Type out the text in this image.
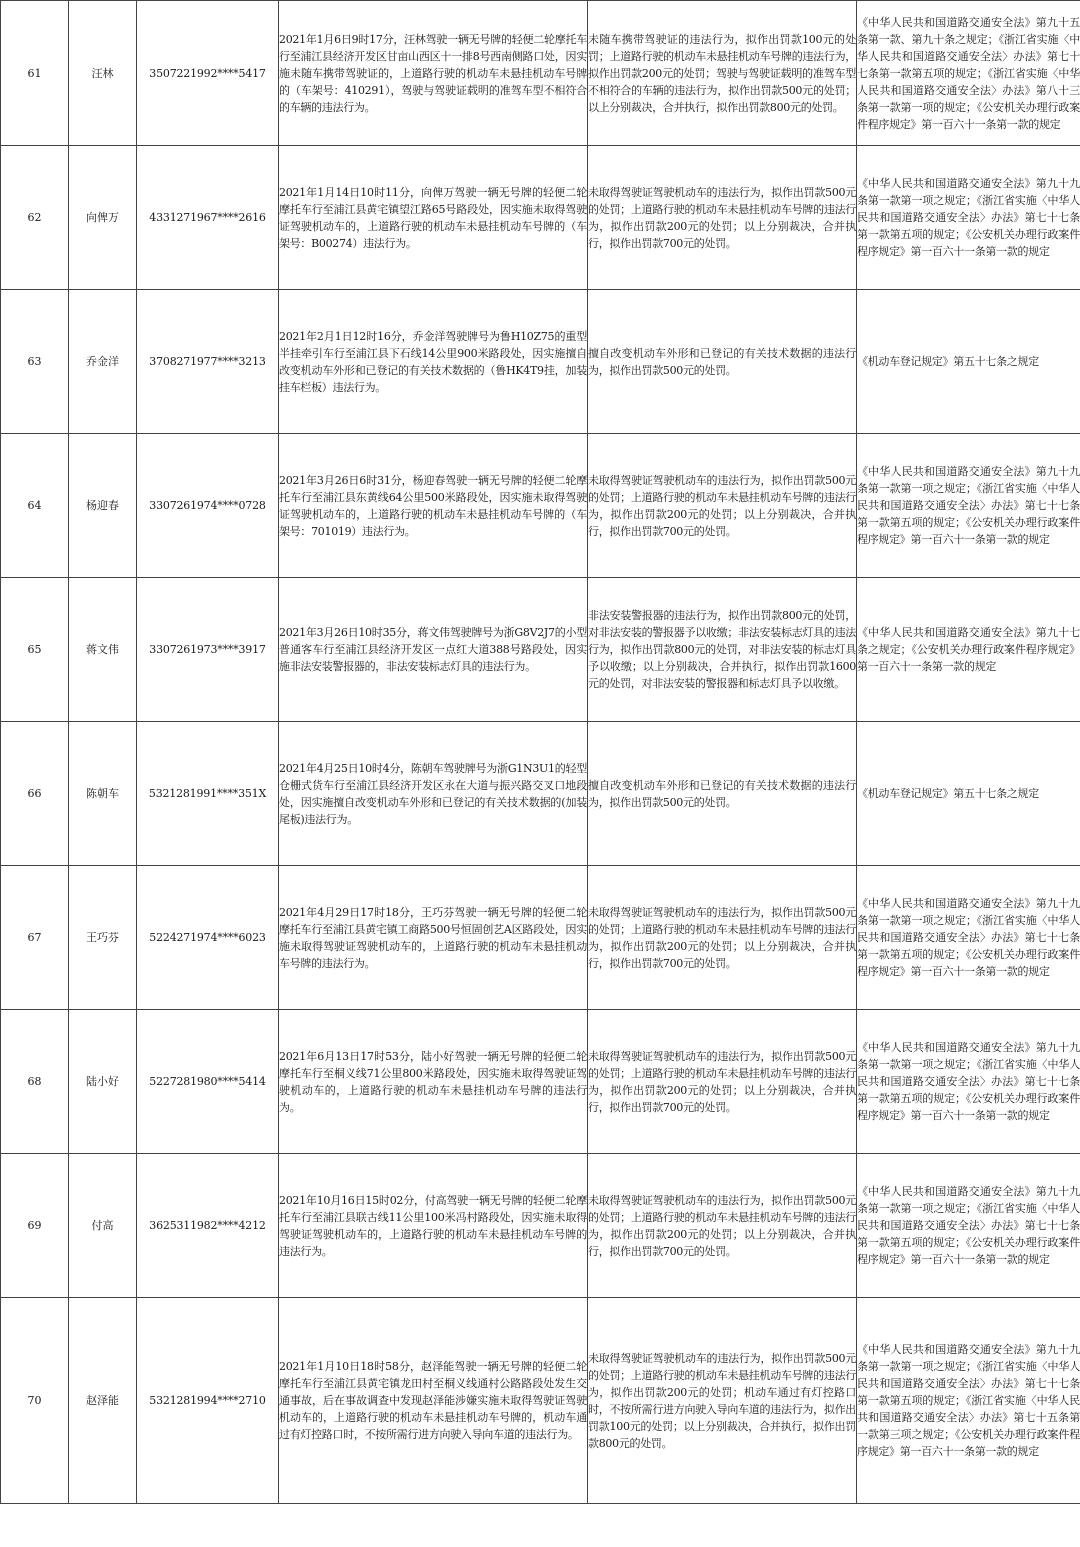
61	汪林	3507221992****5417	2021年1月6日9时17分，汪林驾驶一辆无号牌的轻便二轮摩托车行至浦江县经济开发区甘亩山西区十一排8号西南侧路口处，因实施未随车携带驾驶证的，上道路行驶的机动车未悬挂机动车号牌的（车架号：410291），驾驶与驾驶证载明的准驾车型不相符合的车辆的违法行为。	未随车携带驾驶证的违法行为，拟作出罚款100元的处罚；上道路行驶的机动车未悬挂机动车号牌的违法行为，拟作出罚款200元的处罚；驾驶与驾驶证载明的准驾车型不相符合的车辆的违法行为，拟作出罚款500元的处罚；以上分别裁决，合并执行，拟作出罚款800元的处罚。	《中华人民共和国道路交通安全法》第九十五条第一款、第九十条之规定；《浙江省实施〈中华人民共和国道路交通安全法〉办法》第七十七条第一款第五项的规定；《浙江省实施〈中华人民共和国道路交通安全法〉办法》第八十三条第一款第一项的规定；《公安机关办理行政案件程序规定》第一百六十一条第一款的规定
62	向俾万	4331271967****2616	2021年1月14日10时11分，向俾万驾驶一辆无号牌的轻便二轮摩托车行至浦江县黄宅镇望江路65号路段处，因实施未取得驾驶证驾驶机动车的，上道路行驶的机动车未悬挂机动车号牌的（车架号：B00274）违法行为。	未取得驾驶证驾驶机动车的违法行为，拟作出罚款500元的处罚；上道路行驶的机动车未悬挂机动车号牌的违法行为，拟作出罚款200元的处罚；以上分别裁决，合并执行，拟作出罚款700元的处罚。	《中华人民共和国道路交通安全法》第九十九条第一款第一项之规定；《浙江省实施〈中华人民共和国道路交通安全法〉办法》第七十七条第一款第五项的规定；《公安机关办理行政案件程序规定》第一百六十一条第一款的规定
63	乔金洋	3708271977****3213	2021年2月1日12时16分，乔金洋驾驶牌号为鲁H10Z75的重型半挂牵引车行至浦江县下石线14公里900米路段处，因实施擅自改变机动车外形和已登记的有关技术数据的（鲁HK4T9挂，加装挂车栏板）违法行为。	擅自改变机动车外形和已登记的有关技术数据的违法行为，拟作出罚款500元的处罚。	《机动车登记规定》第五十七条之规定
64	杨迎春	3307261974****0728	2021年3月26日6时31分，杨迎春驾驶一辆无号牌的轻便二轮摩托车行至浦江县东黄线64公里500米路段处，因实施未取得驾驶证驾驶机动车的，上道路行驶的机动车未悬挂机动车号牌的（车架号：701019）违法行为。	未取得驾驶证驾驶机动车的违法行为，拟作出罚款500元的处罚；上道路行驶的机动车未悬挂机动车号牌的违法行为，拟作出罚款200元的处罚；以上分别裁决，合并执行，拟作出罚款700元的处罚。	《中华人民共和国道路交通安全法》第九十九条第一款第一项之规定；《浙江省实施〈中华人民共和国道路交通安全法〉办法》第七十七条第一款第五项的规定；《公安机关办理行政案件程序规定》第一百六十一条第一款的规定
65	蒋文伟	3307261973****3917	2021年3月26日10时35分，蒋文伟驾驶牌号为浙G8V2J7的小型普通客车行至浦江县经济开发区一点红大道388号路段处，因实施非法安装警报器的，非法安装标志灯具的违法行为。	非法安装警报器的违法行为，拟作出罚款800元的处罚，对非法安装的警报器予以收缴；非法安装标志灯具的违法行为，拟作出罚款800元的处罚，对非法安装的标志灯具予以收缴；以上分别裁决，合并执行，拟作出罚款1600元的处罚，对非法安装的警报器和标志灯具予以收缴。	《中华人民共和国道路交通安全法》第九十七条之规定；《公安机关办理行政案件程序规定》第一百六十一条第一款的规定
66	陈朝车	5321281991****351X	2021年4月25日10时4分，陈朝车驾驶牌号为浙G1N3U1的轻型仓栅式货车行至浦江县经济开发区永在大道与振兴路交叉口地段处，因实施擅自改变机动车外形和已登记的有关技术数据的(加装尾板)违法行为。	擅自改变机动车外形和已登记的有关技术数据的违法行为，拟作出罚款500元的处罚。	《机动车登记规定》第五十七条之规定
67	王巧芬	5224271974****6023	2021年4月29日17时18分，王巧芬驾驶一辆无号牌的轻便二轮摩托车行至浦江县黄宅镇工商路500号恒固创艺A区路段处，因实施未取得驾驶证驾驶机动车的，上道路行驶的机动车未悬挂机动车号牌的违法行为。	未取得驾驶证驾驶机动车的违法行为，拟作出罚款500元的处罚；上道路行驶的机动车未悬挂机动车号牌的违法行为，拟作出罚款200元的处罚；以上分别裁决，合并执行，拟作出罚款700元的处罚。	《中华人民共和国道路交通安全法》第九十九条第一款第一项之规定；《浙江省实施〈中华人民共和国道路交通安全法〉办法》第七十七条第一款第五项的规定；《公安机关办理行政案件程序规定》第一百六十一条第一款的规定
68	陆小好	5227281980****5414	2021年6月13日17时53分，陆小好驾驶一辆无号牌的轻便二轮摩托车行至桐义线71公里800米路段处，因实施未取得驾驶证驾驶机动车的，上道路行驶的机动车未悬挂机动车号牌的违法行为。	未取得驾驶证驾驶机动车的违法行为，拟作出罚款500元的处罚；上道路行驶的机动车未悬挂机动车号牌的违法行为，拟作出罚款200元的处罚；以上分别裁决，合并执行，拟作出罚款700元的处罚。	《中华人民共和国道路交通安全法》第九十九条第一款第一项之规定；《浙江省实施〈中华人民共和国道路交通安全法〉办法》第七十七条第一款第五项的规定；《公安机关办理行政案件程序规定》第一百六十一条第一款的规定
69	付高	3625311982****4212	2021年10月16日15时02分，付高驾驶一辆无号牌的轻便二轮摩托车行至浦江县联古线11公里100米冯村路段处，因实施未取得驾驶证驾驶机动车的，上道路行驶的机动车未悬挂机动车号牌的违法行为。	未取得驾驶证驾驶机动车的违法行为，拟作出罚款500元的处罚；上道路行驶的机动车未悬挂机动车号牌的违法行为，拟作出罚款200元的处罚；以上分别裁决，合并执行，拟作出罚款700元的处罚。	《中华人民共和国道路交通安全法》第九十九条第一款第一项之规定；《浙江省实施〈中华人民共和国道路交通安全法〉办法》第七十七条第一款第五项的规定；《公安机关办理行政案件程序规定》第一百六十一条第一款的规定
70	赵泽能	5321281994****2710	2021年1月10日18时58分，赵泽能驾驶一辆无号牌的轻便二轮摩托车行至浦江县黄宅镇龙田村至桐义线通村公路路段处发生交通事故，后在事故调查中发现赵泽能涉嫌实施未取得驾驶证驾驶机动车的，上道路行驶的机动车未悬挂机动车号牌的，机动车通过有灯控路口时，不按所需行进方向驶入导向车道的违法行为。	未取得驾驶证驾驶机动车的违法行为，拟作出罚款500元的处罚；上道路行驶的机动车未悬挂机动车号牌的违法行为，拟作出罚款200元的处罚；机动车通过有灯控路口时，不按所需行进方向驶入导向车道的违法行为，拟作出罚款100元的处罚；以上分别裁决，合并执行，拟作出罚款800元的处罚。	《中华人民共和国道路交通安全法》第九十九条第一款第一项之规定；《浙江省实施〈中华人民共和国道路交通安全法〉办法》第七十七条第一款第五项的规定；《浙江省实施〈中华人民共和国道路交通安全法〉办法》第七十五条第一款第三项之规定；《公安机关办理行政案件程序规定》第一百六十一条第一款的规定
